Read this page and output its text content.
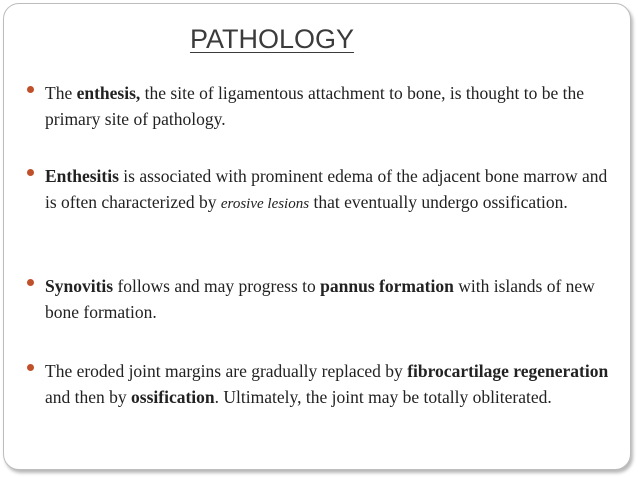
PATHOLOGY

The enthesis, the site of ligamentous attachment to bone, is thought to be the primary site of pathology.

Enthesitis is associated with prominent edema of the adjacent bone marrow and is often characterized by erosive lesions that eventually undergo ossification.

Synovitis follows and may progress to pannus formation with islands of new bone formation.

The eroded joint margins are gradually replaced by fibrocartilage regeneration and then by ossification. Ultimately, the joint may be totally obliterated.
